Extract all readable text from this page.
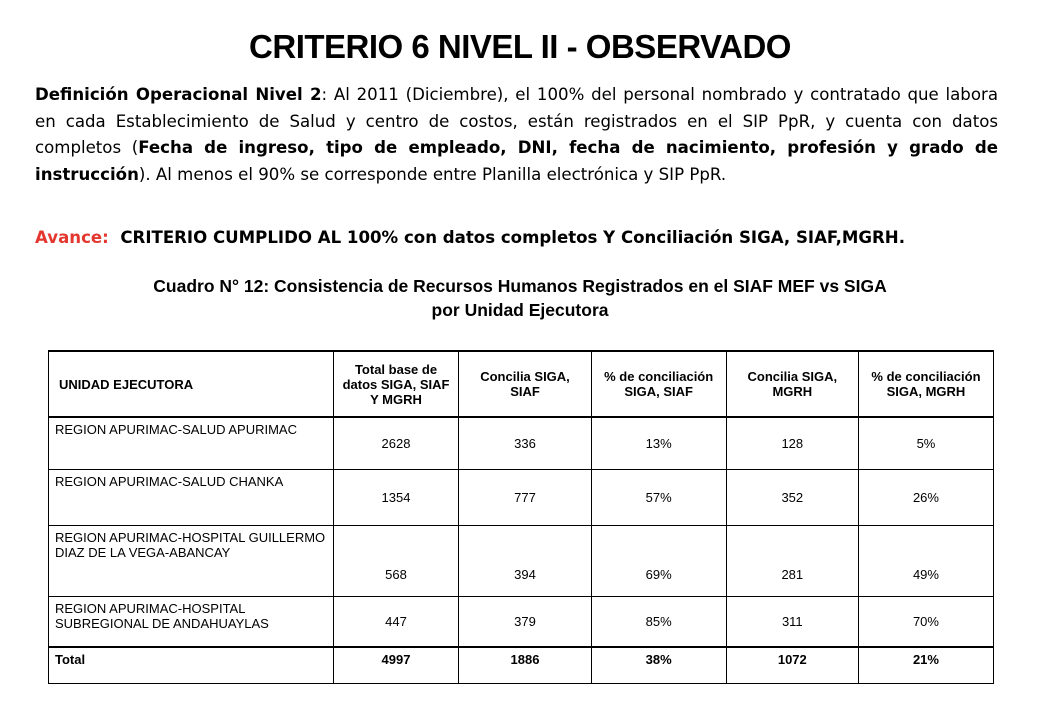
CRITERIO 6 NIVEL II - OBSERVADO
Definición Operacional Nivel 2: Al 2011 (Diciembre), el 100% del personal nombrado y contratado que labora en cada Establecimiento de Salud y centro de costos, están registrados en el SIP PpR, y cuenta con datos completos (Fecha de ingreso, tipo de empleado, DNI, fecha de nacimiento, profesión y grado de instrucción). Al menos el 90% se corresponde entre Planilla electrónica y SIP PpR.
Avance: CRITERIO CUMPLIDO AL 100% con datos completos Y Conciliación SIGA, SIAF,MGRH.
Cuadro N° 12: Consistencia de Recursos Humanos Registrados en el SIAF MEF vs SIGA
por Unidad Ejecutora
UNIDAD EJECUTORA	Total base de datos SIGA, SIAF Y MGRH	Concilia SIGA, SIAF	% de conciliación SIGA, SIAF	Concilia SIGA, MGRH	% de conciliación SIGA, MGRH
REGION APURIMAC-SALUD APURIMAC	2628	336	13%	128	5%
REGION APURIMAC-SALUD CHANKA	1354	777	57%	352	26%
REGION APURIMAC-HOSPITAL GUILLERMO DIAZ DE LA VEGA-ABANCAY	568	394	69%	281	49%
REGION APURIMAC-HOSPITAL SUBREGIONAL DE ANDAHUAYLAS	447	379	85%	311	70%
Total	4997	1886	38%	1072	21%
